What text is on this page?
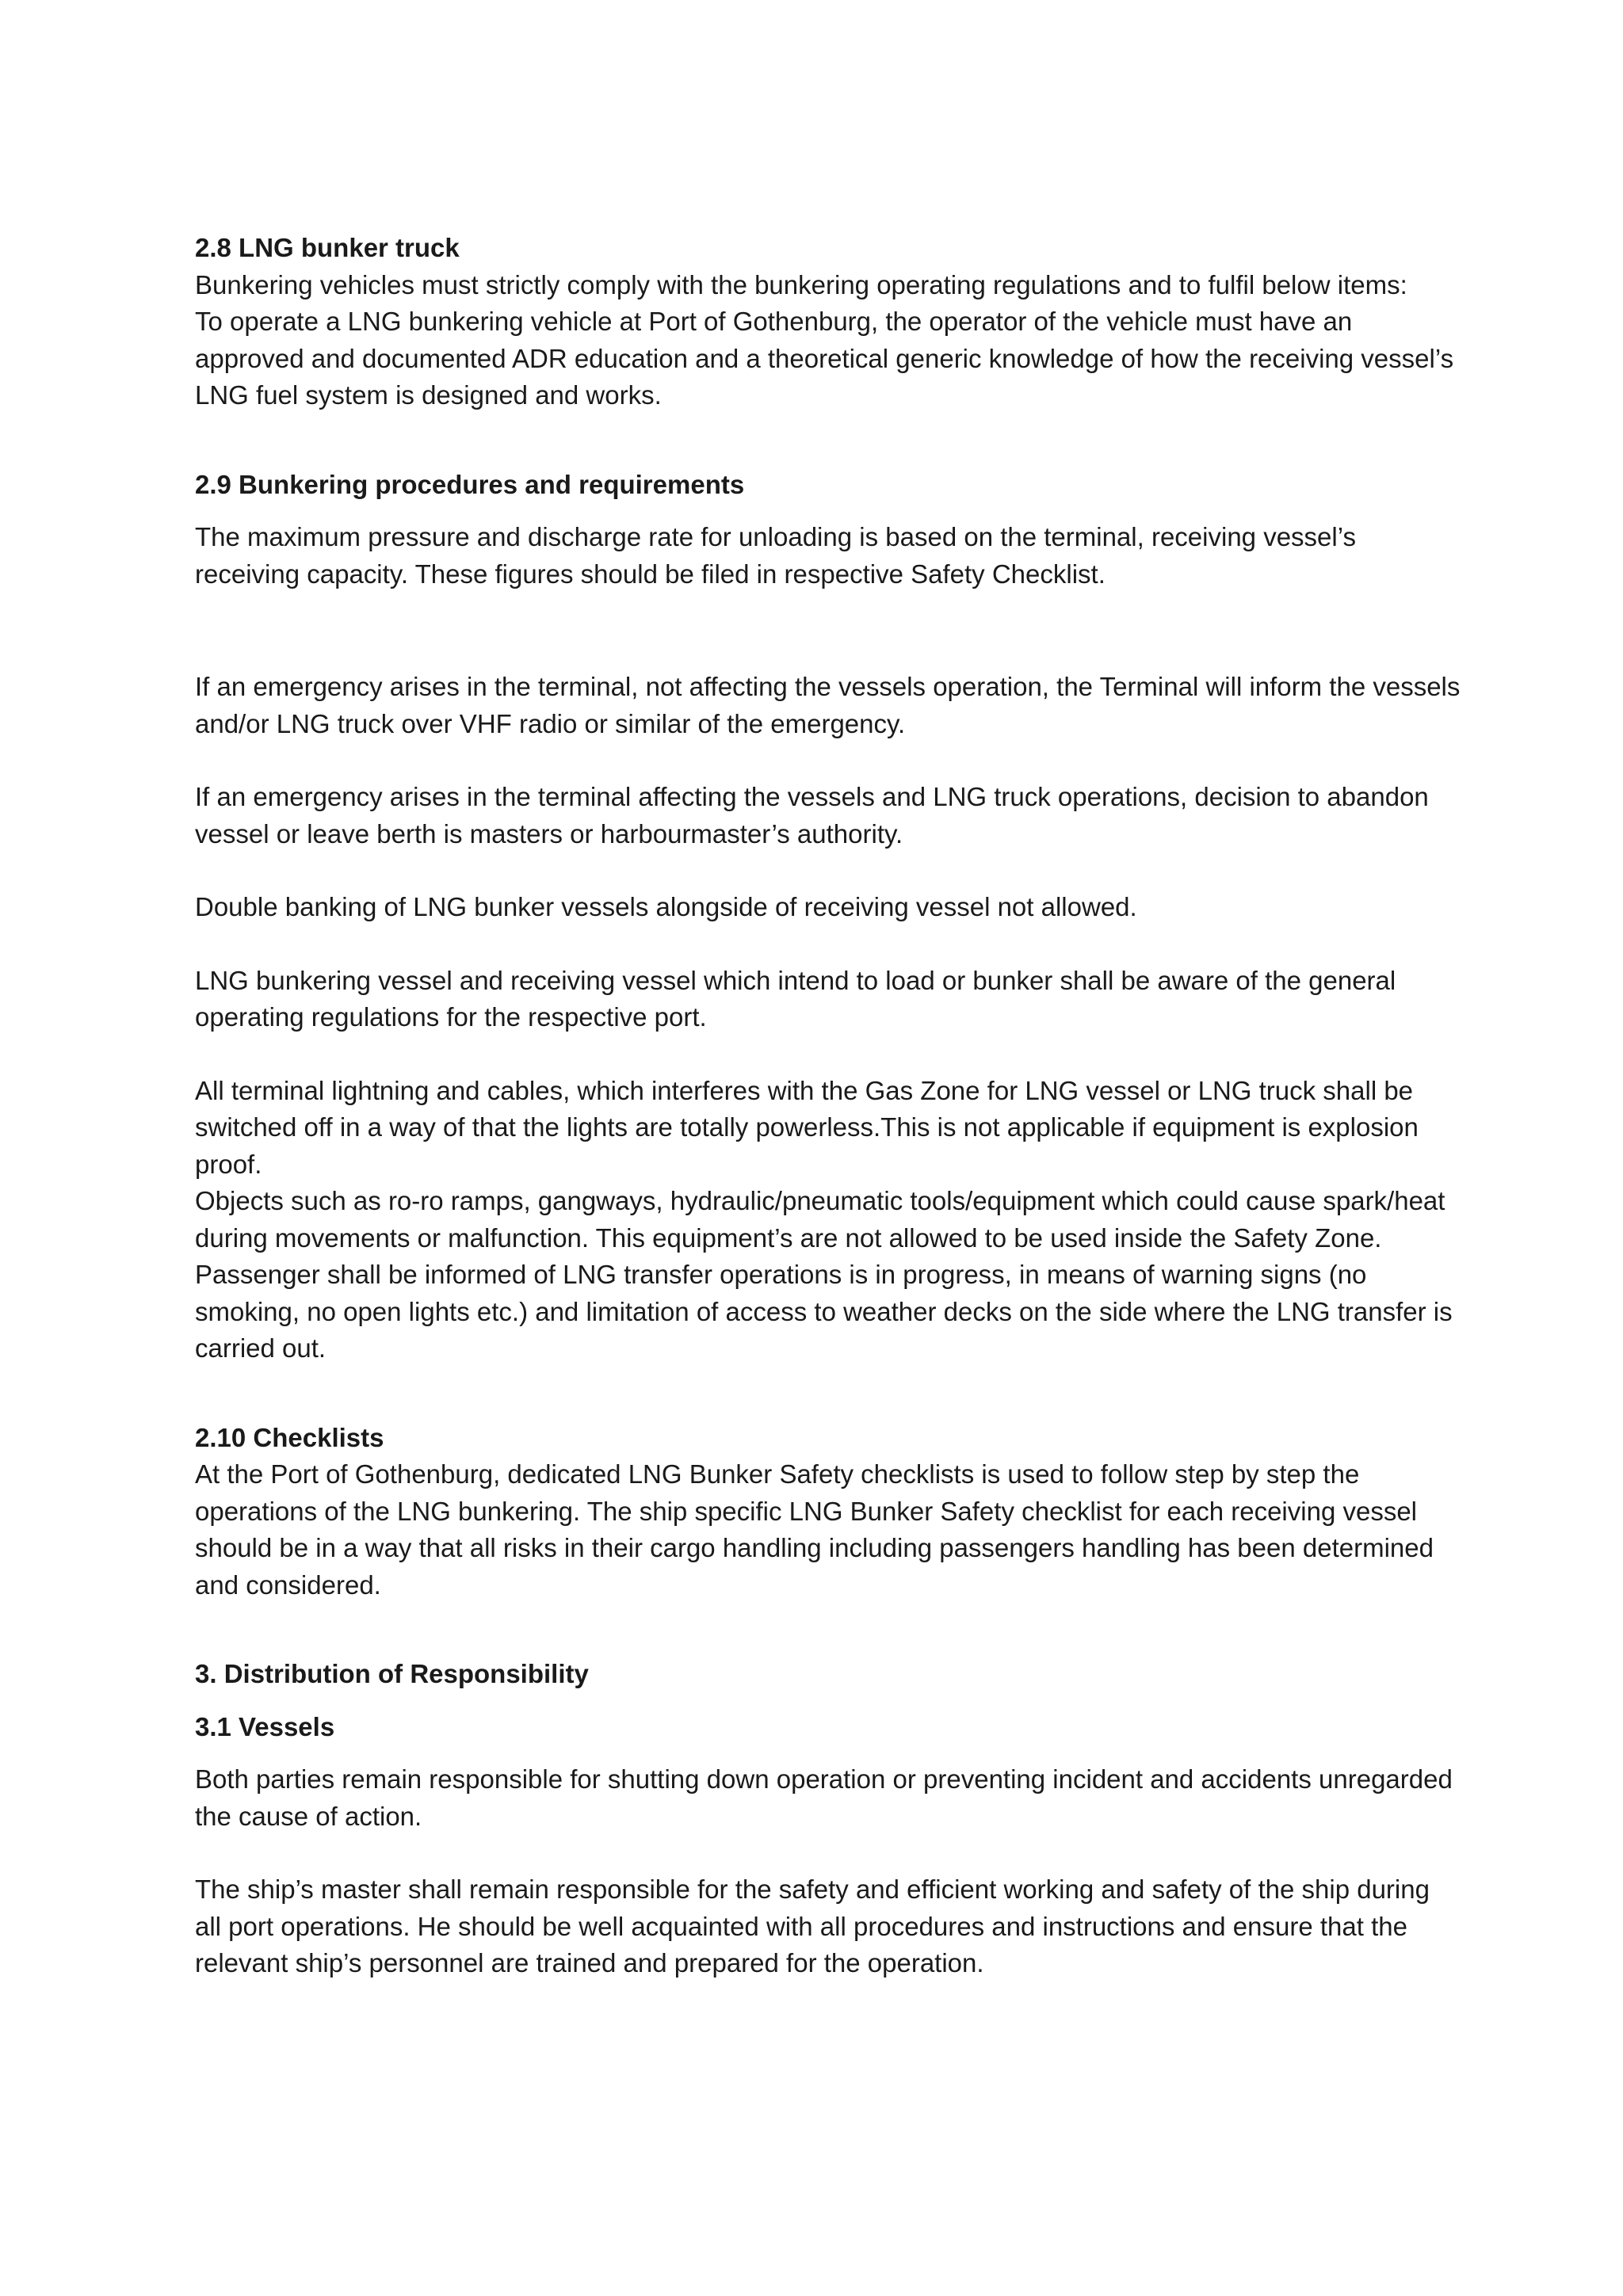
2.8 LNG bunker truck

Bunkering vehicles must strictly comply with the bunkering operating regulations and to fulfil below items:

To operate a LNG bunkering vehicle at Port of Gothenburg, the operator of the vehicle must have an approved and documented ADR education and a theoretical generic knowledge of how the receiving vessel’s LNG fuel system is designed and works.

2.9 Bunkering procedures and requirements

The maximum pressure and discharge rate for unloading is based on the terminal, receiving vessel’s receiving capacity. These figures should be filed in respective Safety Checklist.

If an emergency arises in the terminal, not affecting the vessels operation, the Terminal will inform the vessels and/or LNG truck over VHF radio or similar of the emergency.

If an emergency arises in the terminal affecting the vessels and LNG truck operations, decision to abandon vessel or leave berth is masters or harbourmaster’s authority.

Double banking of LNG bunker vessels alongside of receiving vessel not allowed.

LNG bunkering vessel and receiving vessel which intend to load or bunker shall be aware of the general operating regulations for the respective port.

All terminal lightning and cables, which interferes with the Gas Zone for LNG vessel or LNG truck shall be switched off in a way of that the lights are totally powerless.This is not applicable if equipment is explosion proof.

Objects such as ro-ro ramps, gangways, hydraulic/pneumatic tools/equipment which could cause spark/heat during movements or malfunction. This equipment’s are not allowed to be used inside the Safety Zone.

Passenger shall be informed of LNG transfer operations is in progress, in means of warning signs (no smoking, no open lights etc.) and limitation of access to weather decks on the side where the LNG transfer is carried out.

2.10 Checklists

At the Port of Gothenburg, dedicated LNG Bunker Safety checklists is used to follow step by step the operations of the LNG bunkering. The ship specific LNG Bunker Safety checklist for each receiving vessel should be in a way that all risks in their cargo handling including passengers handling has been determined and considered.

3. Distribution of Responsibility

3.1 Vessels

Both parties remain responsible for shutting down operation or preventing incident and accidents unregarded the cause of action.

The ship’s master shall remain responsible for the safety and efficient working and safety of the ship during all port operations. He should be well acquainted with all procedures and instructions and ensure that the relevant ship’s personnel are trained and prepared for the operation.
